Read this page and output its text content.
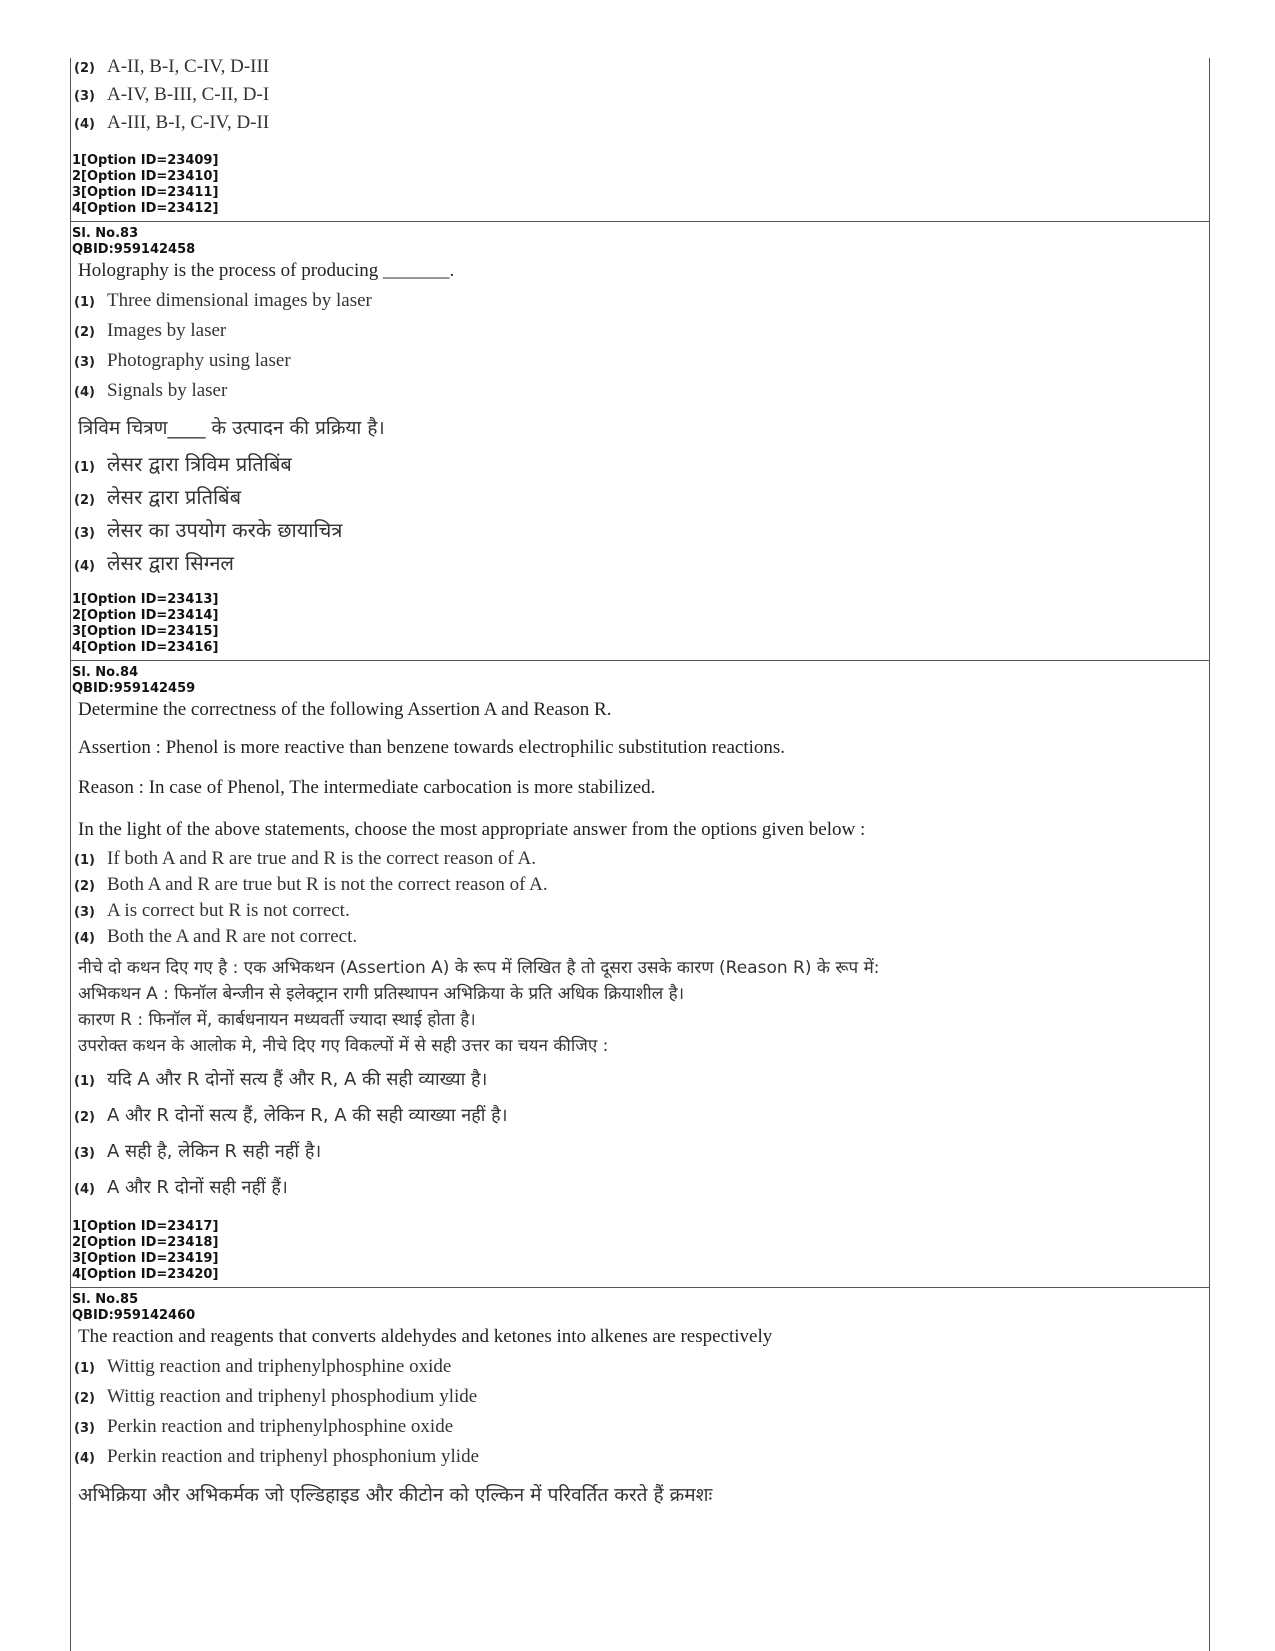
(2) A-II, B-I, C-IV, D-III
(3) A-IV, B-III, C-II, D-I
(4) A-III, B-I, C-IV, D-II
1[Option ID=23409]
2[Option ID=23410]
3[Option ID=23411]
4[Option ID=23412]
Sl. No.83
QBID:959142458
Holography is the process of producing _______.
(1) Three dimensional images by laser
(2) Images by laser
(3) Photography using laser
(4) Signals by laser
त्रिविम चित्रण____ के उत्पादन की प्रक्रिया है।
(1) लेसर द्वारा त्रिविम प्रतिबिंब
(2) लेसर द्वारा प्रतिबिंब
(3) लेसर का उपयोग करके छायाचित्र
(4) लेसर द्वारा सिग्नल
1[Option ID=23413]
2[Option ID=23414]
3[Option ID=23415]
4[Option ID=23416]
Sl. No.84
QBID:959142459
Determine the correctness of the following Assertion A and Reason R.
Assertion : Phenol is more reactive than benzene towards electrophilic substitution reactions.
Reason : In case of Phenol, The intermediate carbocation is more stabilized.
In the light of the above statements, choose the most appropriate answer from the options given below :
(1) If both A and R are true and R is the correct reason of A.
(2) Both A and R are true but R is not the correct reason of A.
(3) A is correct but R is not correct.
(4) Both the A and R are not correct.
नीचे दो कथन दिए गए है : एक अभिकथन (Assertion A) के रूप में लिखित है तो दूसरा उसके कारण (Reason R) के रूप में:
अभिकथन A : फिनॉल बेन्जीन से इलेक्ट्रान रागी प्रतिस्थापन अभिक्रिया के प्रति अधिक क्रियाशील है।
कारण R : फिनॉल में, कार्बधनायन मध्यवर्ती ज्यादा स्थाई होता है।
उपरोक्त कथन के आलोक मे, नीचे दिए गए विकल्पों में से सही उत्तर का चयन कीजिए :
(1) यदि A और R दोनों सत्य हैं और R, A की सही व्याख्या है।
(2) A और R दोनों सत्य हैं, लेकिन R, A की सही व्याख्या नहीं है।
(3) A सही है, लेकिन R सही नहीं है।
(4) A और R दोनों सही नहीं हैं।
1[Option ID=23417]
2[Option ID=23418]
3[Option ID=23419]
4[Option ID=23420]
Sl. No.85
QBID:959142460
The reaction and reagents that converts aldehydes and ketones into alkenes are respectively
(1) Wittig reaction and triphenylphosphine oxide
(2) Wittig reaction and triphenyl phosphodium ylide
(3) Perkin reaction and triphenylphosphine oxide
(4) Perkin reaction and triphenyl phosphonium ylide
अभिक्रिया और अभिकर्मक जो एल्डिहाइड और कीटोन को एल्किन में परिवर्तित करते हैं क्रमशः
